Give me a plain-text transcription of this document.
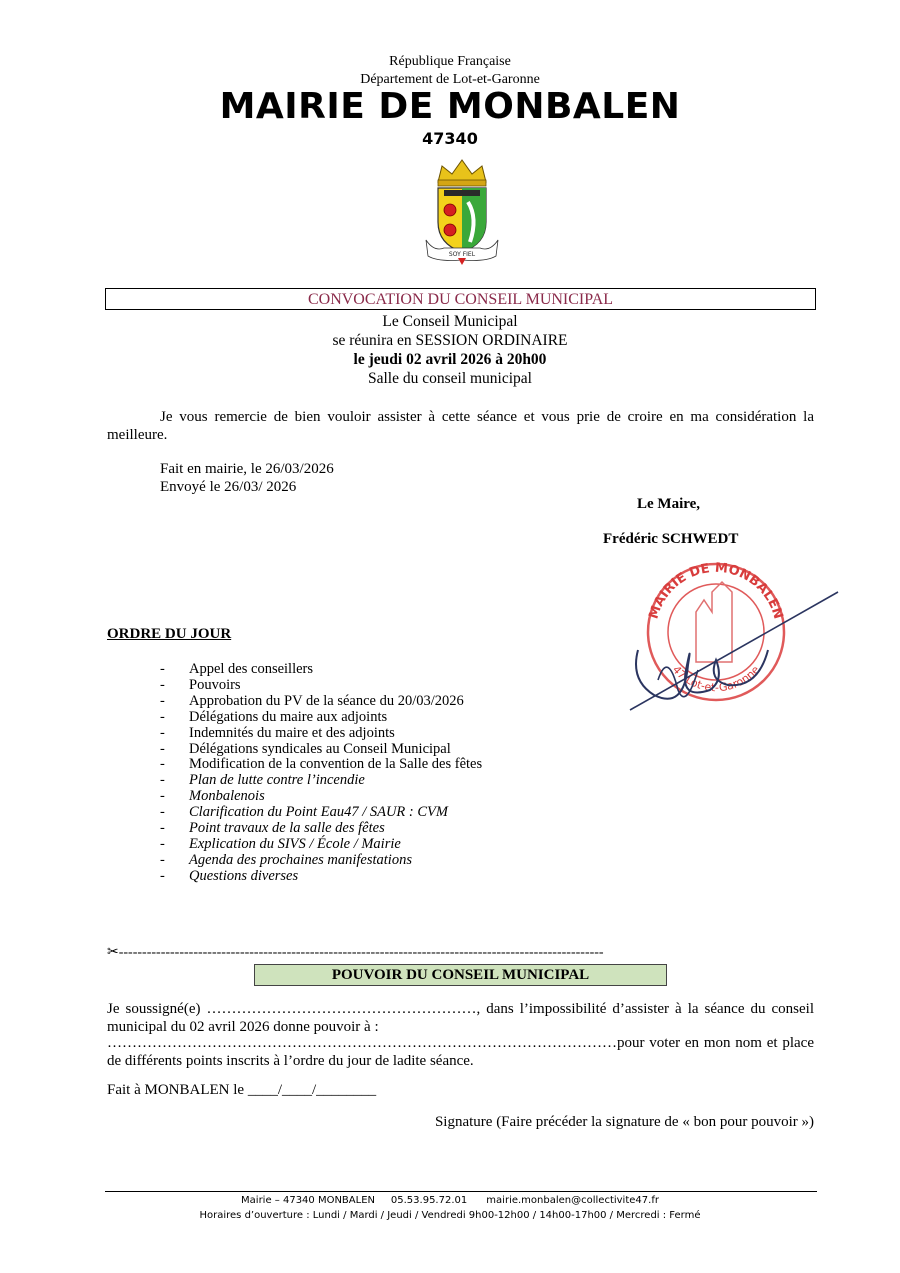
République Française
Département de Lot-et-Garonne
MAIRIE DE MONBALEN
47340
SOY FIEL
CONVOCATION DU CONSEIL MUNICIPAL
Le Conseil Municipal
se réunira en SESSION ORDINAIRE
le jeudi 02 avril 2026 à 20h00
Salle du conseil municipal
Je vous remercie de bien vouloir assister à cette séance et vous prie de croire en ma considération la meilleure.
Fait en mairie, le 26/03/2026
Envoyé le 26/03/ 2026
Le Maire,
Frédéric SCHWEDT
MAIRIE DE MONBALEN
47 Lot-et-Garonne
ORDRE DU JOUR
-	Appel des conseillers
-	Pouvoirs
-	Approbation du PV de la séance du 20/03/2026
-	Délégations du maire aux adjoints
-	Indemnités du maire et des adjoints
-	Délégations syndicales au Conseil Municipal
-	Modification de la convention de la Salle des fêtes
-	Plan de lutte contre l’incendie
-	Monbalenois
-	Clarification du Point Eau47 / SAUR : CVM
-	Point travaux de la salle des fêtes
-	Explication du SIVS / École / Mairie
-	Agenda des prochaines manifestations
-	Questions diverses
✂--------------------------------------------------------------------------------------------------------
POUVOIR DU CONSEIL MUNICIPAL
Je soussigné(e) ………………………………………………, dans l’impossibilité d’assister à la séance du conseil municipal du 02 avril 2026 donne pouvoir à :
…………………………………………………………………………………………pour voter en mon nom et place de différents points inscrits à l’ordre du jour de ladite séance.
Fait à MONBALEN le ____/____/________
Signature (Faire précéder la signature de « bon pour pouvoir »)
Mairie – 47340 MONBALEN     05.53.95.72.01      mairie.monbalen@collectivite47.fr
Horaires d’ouverture : Lundi / Mardi / Jeudi / Vendredi 9h00-12h00 / 14h00-17h00 / Mercredi : Fermé
